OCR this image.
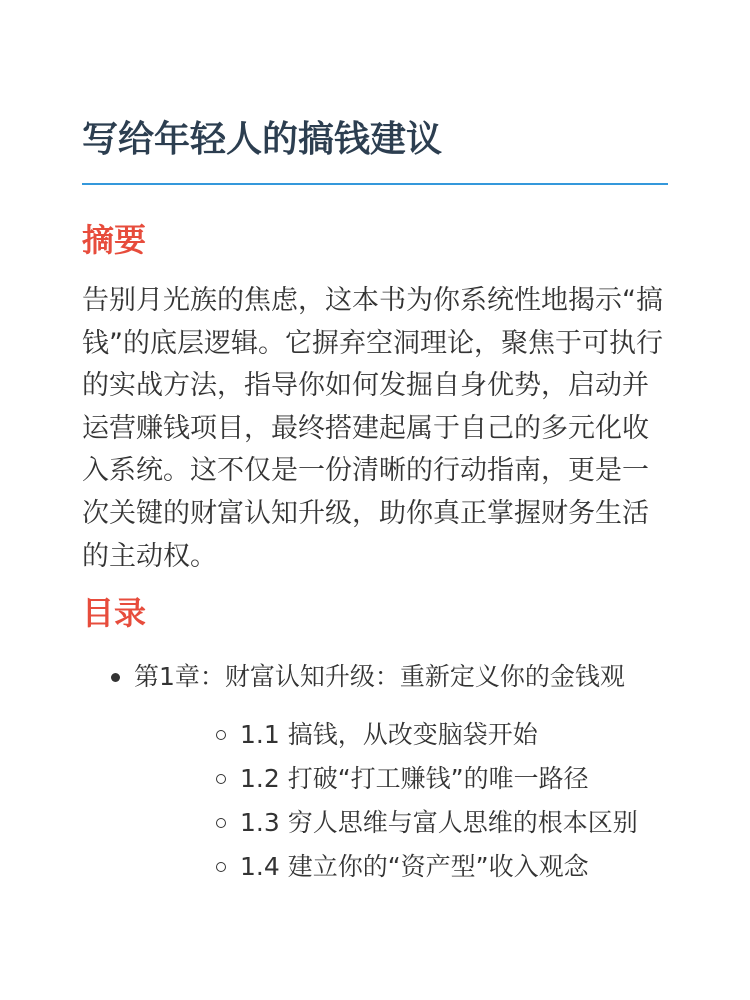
写给年轻人的搞钱建议
摘要

告别月光族的焦虑，这本书为你系统性地揭示“搞钱”的底层逻辑。它摒弃空洞理论，聚焦于可执行的实战方法，指导你如何发掘自身优势，启动并运营赚钱项目，最终搭建起属于自己的多元化收入系统。这不仅是一份清晰的行动指南，更是一次关键的财富认知升级，助你真正掌握财务生活的主动权。

目录
第1章：财富认知升级：重新定义你的金钱观
1.1 搞钱，从改变脑袋开始
1.2 打破“打工赚钱”的唯一路径
1.3 穷人思维与富人思维的根本区别
1.4 建立你的“资产型”收入观念
